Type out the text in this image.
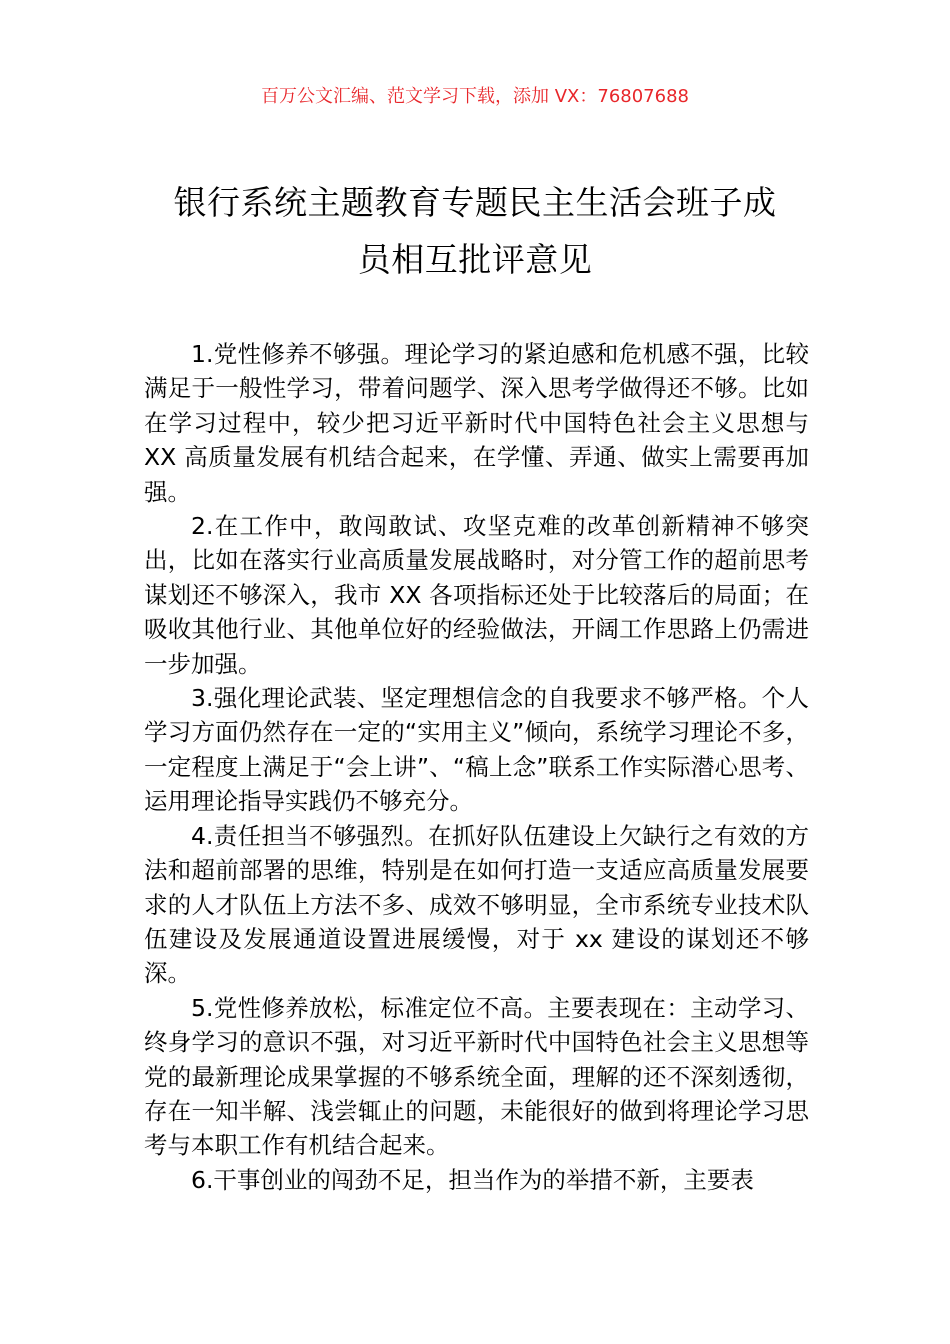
百万公文汇编、范文学习下载，添加 VX：76807688
银行系统主题教育专题民主生活会班子成
员相互批评意见

1.党性修养不够强。理论学习的紧迫感和危机感不强，比较满足于一般性学习，带着问题学、深入思考学做得还不够。比如在学习过程中，较少把习近平新时代中国特色社会主义思想与 XX 高质量发展有机结合起来，在学懂、弄通、做实上需要再加强。

2.在工作中，敢闯敢试、攻坚克难的改革创新精神不够突出，比如在落实行业高质量发展战略时，对分管工作的超前思考谋划还不够深入，我市 XX 各项指标还处于比较落后的局面；在吸收其他行业、其他单位好的经验做法，开阔工作思路上仍需进一步加强。

3.强化理论武装、坚定理想信念的自我要求不够严格。个人学习方面仍然存在一定的“实用主义”倾向，系统学习理论不多，一定程度上满足于“会上讲”、“稿上念”联系工作实际潜心思考、运用理论指导实践仍不够充分。

4.责任担当不够强烈。在抓好队伍建设上欠缺行之有效的方法和超前部署的思维，特别是在如何打造一支适应高质量发展要求的人才队伍上方法不多、成效不够明显，全市系统专业技术队伍建设及发展通道设置进展缓慢，对于 xx 建设的谋划还不够深。

5.党性修养放松，标准定位不高。主要表现在：主动学习、终身学习的意识不强，对习近平新时代中国特色社会主义思想等党的最新理论成果掌握的不够系统全面，理解的还不深刻透彻，存在一知半解、浅尝辄止的问题，未能很好的做到将理论学习思考与本职工作有机结合起来。

6.干事创业的闯劲不足，担当作为的举措不新，主要表
